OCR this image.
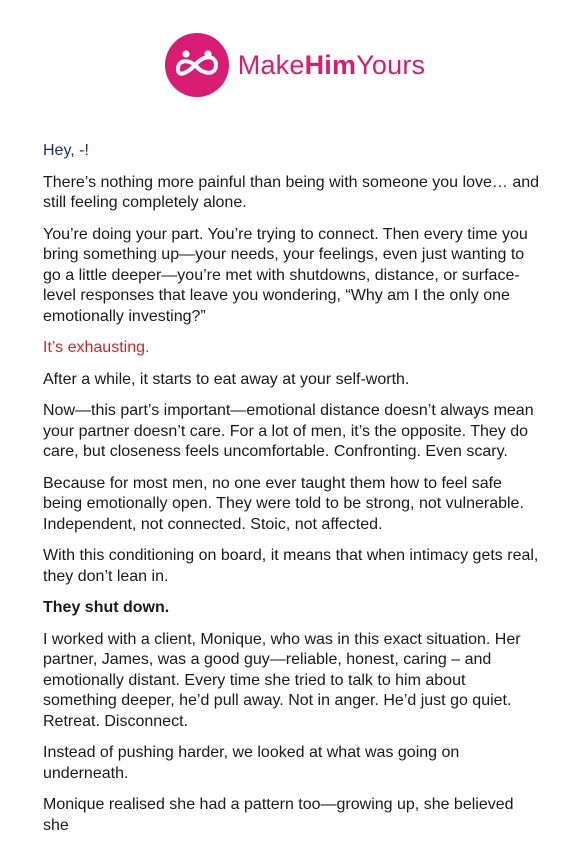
MakeHimYours

Hey, -!

There’s nothing more painful than being with someone you love… and still feeling completely alone.

You’re doing your part. You’re trying to connect. Then every time you bring something up—your needs, your feelings, even just wanting to go a little deeper—you’re met with shutdowns, distance, or surface-level responses that leave you wondering, “Why am I the only one emotionally investing?”

It’s exhausting.

After a while, it starts to eat away at your self-worth.

Now—this part’s important—emotional distance doesn’t always mean your partner doesn’t care. For a lot of men, it’s the opposite. They do care, but closeness feels uncomfortable. Confronting. Even scary.

Because for most men, no one ever taught them how to feel safe being emotionally open. They were told to be strong, not vulnerable. Independent, not connected. Stoic, not affected.

With this conditioning on board, it means that when intimacy gets real, they don’t lean in.

They shut down.

I worked with a client, Monique, who was in this exact situation. Her partner, James, was a good guy—reliable, honest, caring – and emotionally distant. Every time she tried to talk to him about something deeper, he’d pull away. Not in anger. He’d just go quiet. Retreat. Disconnect.

Instead of pushing harder, we looked at what was going on underneath.

Monique realised she had a pattern too—growing up, she believed she
